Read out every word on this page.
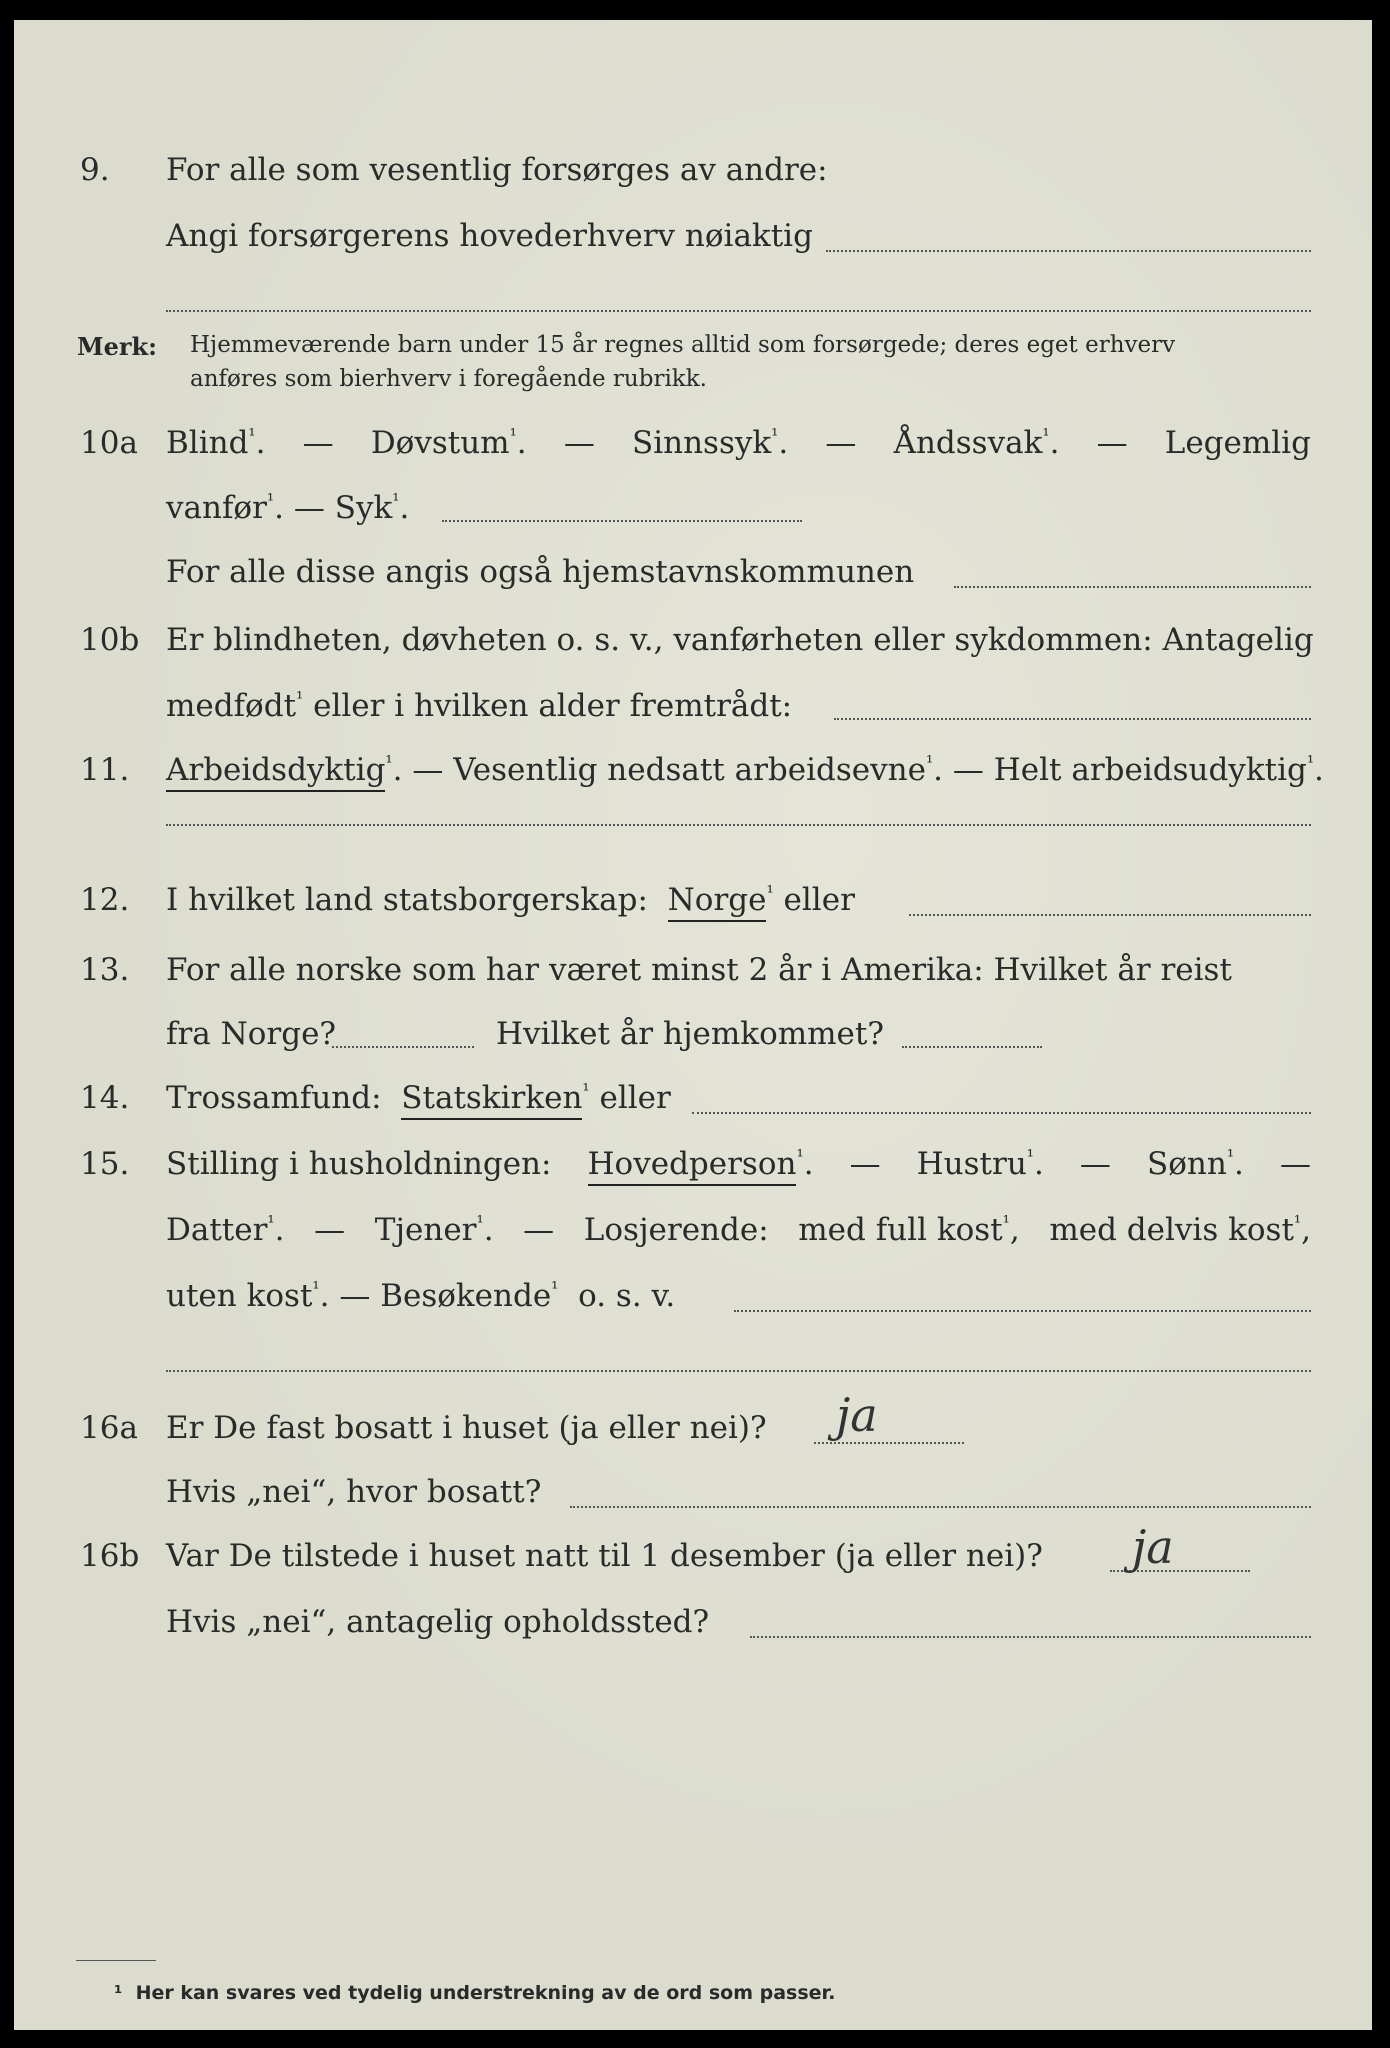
9. For alle som vesentlig forsørges av andre:
Angi forsørgerens hovederhverv nøiaktig
Merk: Hjemmeværende barn under 15 år regnes alltid som forsørgede; deres eget erhverv
anføres som bierhverv i foregående rubrikk.
10a Blind$^{^1}$. — Døvstum$^{^1}$. — Sinnssyk$^{^1}$. — Åndssvak$^{^1}$. — Legemlig
vanfør$^{^1}$. — Syk$^{^1}$.
For alle disse angis også hjemstavnskommunen
10b Er blindheten, døvheten o. s. v., vanførheten eller sykdommen: Antagelig
medfødt$^{^1}$ eller i hvilken alder fremtrådt:
11. Arbeidsdyktig$^{^1}$. — Vesentlig nedsatt arbeidsevne$^{^1}$. — Helt arbeidsudyktig$^{^1}$.
12. I hvilket land statsborgerskap: Norge$^{^1}$ eller
13. For alle norske som har været minst 2 år i Amerika: Hvilket år reist
fra Norge?	Hvilket år hjemkommet?
14. Trossamfund: Statskirken$^{^1}$ eller
15. Stilling i husholdningen: Hovedperson$^{^1}$. — Hustru$^{^1}$. — Sønn$^{^1}$. —
Datter$^{^1}$. — Tjener$^{^1}$. — Losjerende: med full kost$^{^1}$, med delvis kost$^{^1}$,
uten kost$^{^1}$. — Besøkende$^{^1}$ o. s. v.
16a Er De fast bosatt i huset (ja eller nei)? ja
Hvis „nei“, hvor bosatt?
16b Var De tilstede i huset natt til 1 desember (ja eller nei)? ja
Hvis „nei“, antagelig opholdssted?
¹ Her kan svares ved tydelig understrekning av de ord som passer.
